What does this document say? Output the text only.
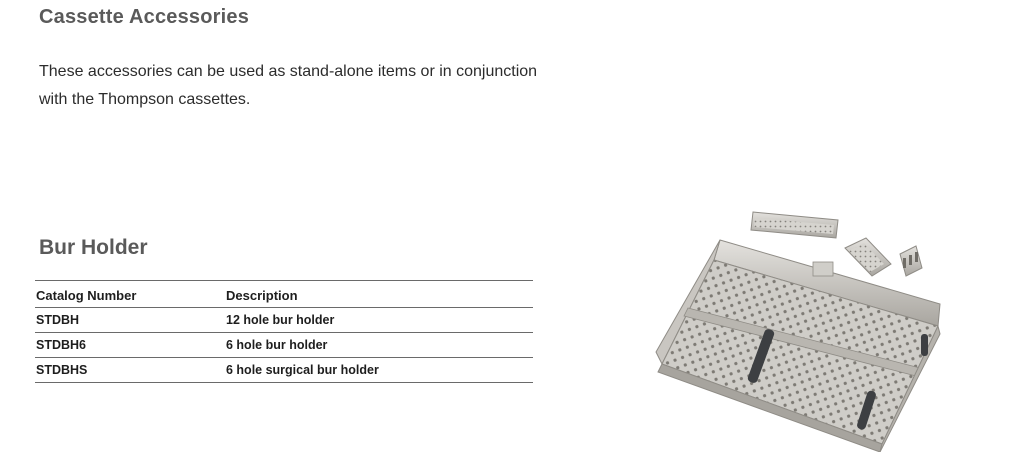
Cassette Accessories

These accessories can be used as stand-alone items or in conjunction with the Thompson cassettes.

Bur Holder
Catalog Number	Description
STDBH	12 hole bur holder
STDBH6	6 hole bur holder
STDBHS	6 hole surgical bur holder
